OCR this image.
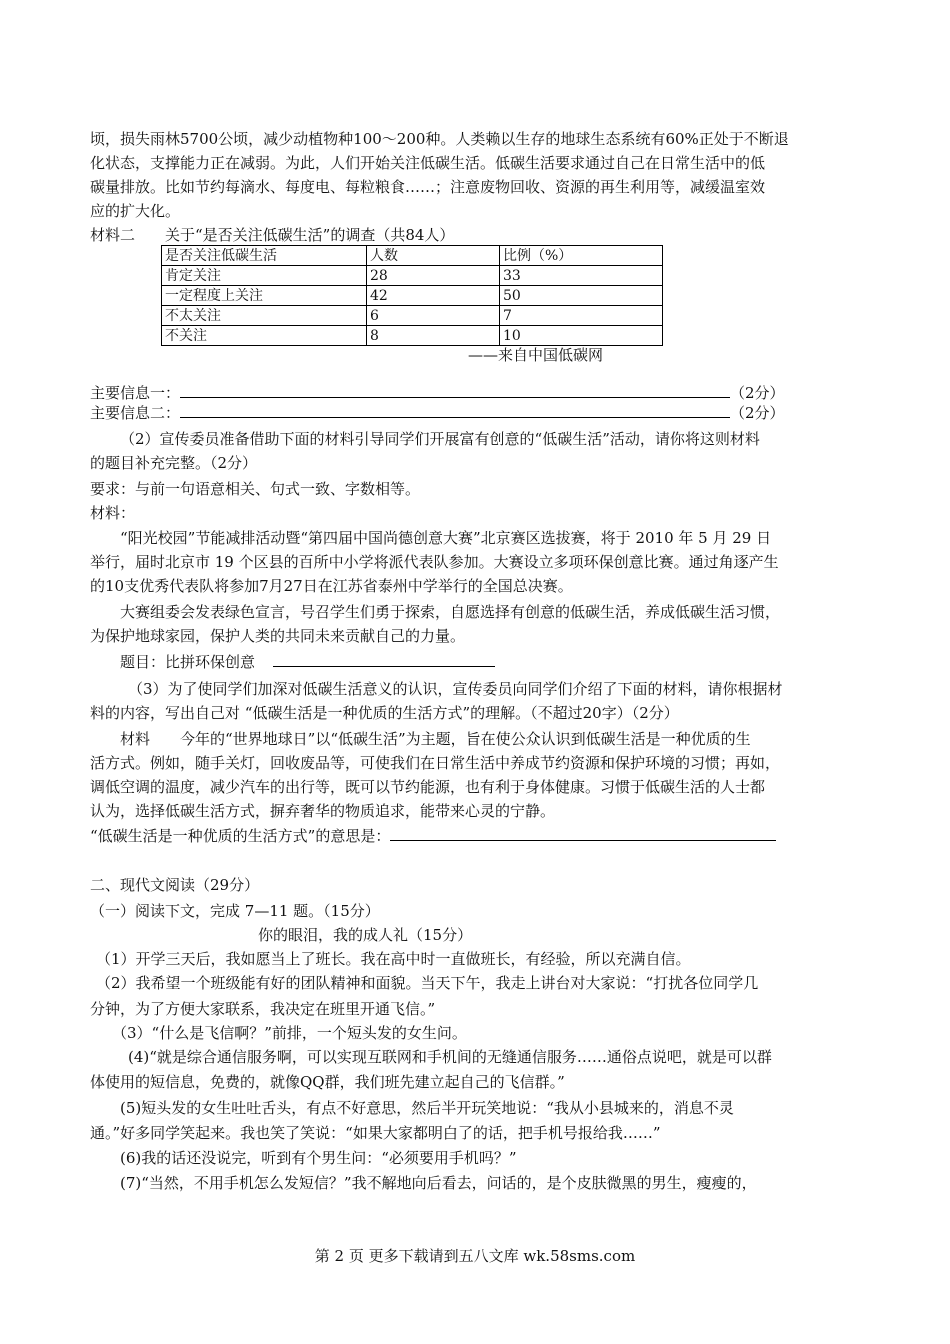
顷，损失雨林5700公顷，减少动植物种100～200种。人类赖以生存的地球生态系统有60%正处于不断退
化状态，支撑能力正在减弱。为此，人们开始关注低碳生活。低碳生活要求通过自己在日常生活中的低
碳量排放。比如节约每滴水、每度电、每粒粮食……；注意废物回收、资源的再生利用等，减缓温室效
应的扩大化。
材料二　　关于“是否关注低碳生活”的调查（共84人）
是否关注低碳生活	人数	比例（%）
肯定关注	28	33
一定程度上关注	42	50
不太关注	6	7
不关注	8	10
——来自中国低碳网
主要信息一：	（2分）
主要信息二：	（2分）
（2）宣传委员准备借助下面的材料引导同学们开展富有创意的“低碳生活”活动，请你将这则材料
的题目补充完整。（2分）
要求：与前一句语意相关、句式一致、字数相等。
材料：
“阳光校园”节能减排活动暨“第四届中国尚德创意大赛”北京赛区选拔赛，将于 2010 年 5 月 29 日
举行，届时北京市 19 个区县的百所中小学将派代表队参加。大赛设立多项环保创意比赛。通过角逐产生
的10支优秀代表队将参加7月27日在江苏省泰州中学举行的全国总决赛。
大赛组委会发表绿色宣言，号召学生们勇于探索，自愿选择有创意的低碳生活，养成低碳生活习惯，
为保护地球家园，保护人类的共同未来贡献自己的力量。
题目：比拼环保创意
（3）为了使同学们加深对低碳生活意义的认识，宣传委员向同学们介绍了下面的材料，请你根据材
料的内容，写出自己对 “低碳生活是一种优质的生活方式”的理解。（不超过20字）（2分）
材料　　今年的“世界地球日”以“低碳生活”为主题，旨在使公众认识到低碳生活是一种优质的生
活方式。例如，随手关灯，回收废品等，可使我们在日常生活中养成节约资源和保护环境的习惯；再如，
调低空调的温度，减少汽车的出行等，既可以节约能源，也有利于身体健康。习惯于低碳生活的人士都
认为，选择低碳生活方式，摒弃奢华的物质追求，能带来心灵的宁静。
“低碳生活是一种优质的生活方式”的意思是：
二、现代文阅读（29分）
（一）阅读下文，完成 7—11 题。（15分）
你的眼泪，我的成人礼（15分）
（1）开学三天后，我如愿当上了班长。我在高中时一直做班长，有经验，所以充满自信。
（2）我希望一个班级能有好的团队精神和面貌。当天下午，我走上讲台对大家说：“打扰各位同学几
分钟，为了方便大家联系，我决定在班里开通飞信。”
（3）“什么是飞信啊？”前排，一个短头发的女生问。
(4)“就是综合通信服务啊，可以实现互联网和手机间的无缝通信服务……通俗点说吧，就是可以群
体使用的短信息，免费的，就像QQ群，我们班先建立起自己的飞信群。”
(5)短头发的女生吐吐舌头，有点不好意思，然后半开玩笑地说：“我从小县城来的，消息不灵
通。”好多同学笑起来。我也笑了笑说：“如果大家都明白了的话，把手机号报给我……”
(6)我的话还没说完，听到有个男生问：“必须要用手机吗？”
(7)“当然，不用手机怎么发短信？”我不解地向后看去，问话的，是个皮肤微黑的男生，瘦瘦的，
第 2 页 更多下载请到五八文库 wk.58sms.com
